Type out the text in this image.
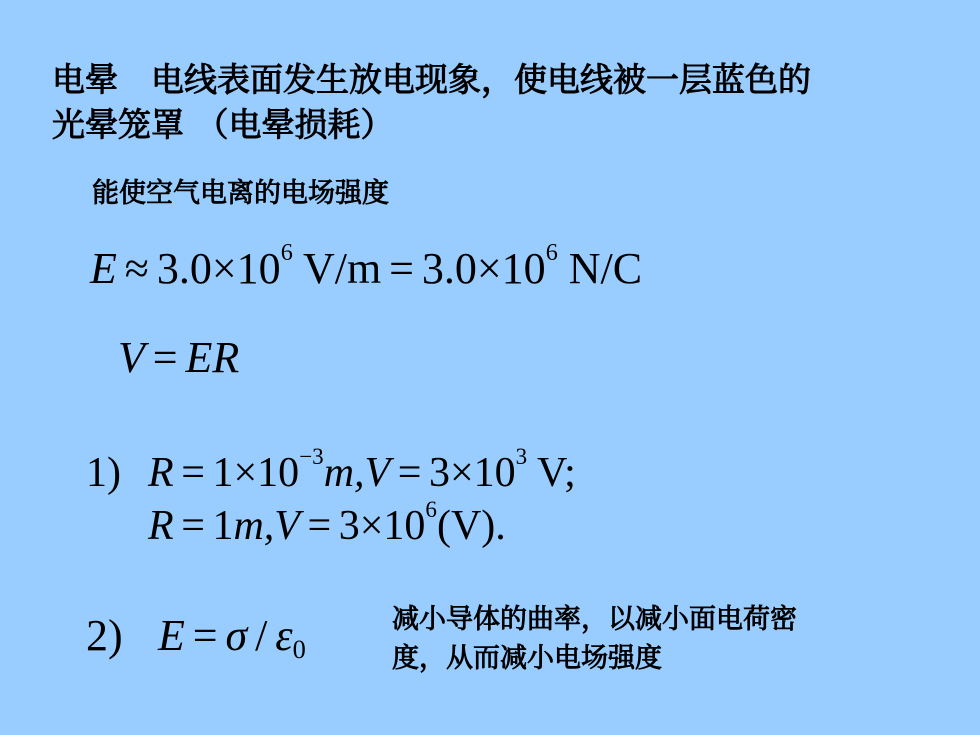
电晕　电线表面发生放电现象，使电线被一层蓝色的
光晕笼罩 （电晕损耗）
能使空气电离的电场强度
$E \approx 3.0\times 10^6$ $V/m = 3.0\times 10^6$ N/C
V = ER
1) $R = 1\times 10^{-3}m,V = 3\times 10^3$ V;
$R = 1m,V = 3\times 10^6(V)$.
2) $E = \sigma / \varepsilon_0$
减小导体的曲率，以减小面电荷密
度，从而减小电场强度
